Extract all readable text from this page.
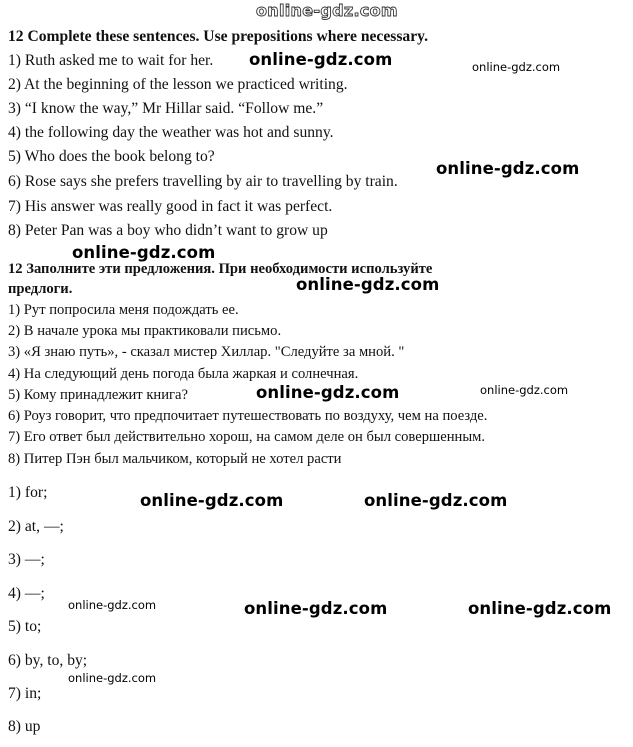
online-gdz.com
12 Complete these sentences. Use prepositions where necessary.
1) Ruth asked me to wait for her.
2) At the beginning of the lesson we practiced writing.
3) “I know the way,” Mr Hillar said. “Follow me.”
4) the following day the weather was hot and sunny.
5) Who does the book belong to?
6) Rose says she prefers travelling by air to travelling by train.
7) His answer was really good in fact it was perfect.
8) Peter Pan was a boy who didn’t want to grow up
12 Заполните эти предложения. При необходимости используйте
предлоги.
1) Рут попросила меня подождать ее.
2) В начале урока мы практиковали письмо.
3) «Я знаю путь», - сказал мистер Хиллар. "Следуйте за мной. "
4) На следующий день погода была жаркая и солнечная.
5) Кому принадлежит книга?
6) Роуз говорит, что предпочитает путешествовать по воздуху, чем на поезде.
7) Его ответ был действительно хорош, на самом деле он был совершенным.
8) Питер Пэн был мальчиком, который не хотел расти
1) for;
2) at, —;
3) —;
4) —;
5) to;
6) by, to, by;
7) in;
8) up
online-gdz.com	online-gdz.com
online-gdz.com
online-gdz.com
online-gdz.com
online-gdz.com	online-gdz.com
online-gdz.com	online-gdz.com
online-gdz.com	online-gdz.com	online-gdz.com
online-gdz.com
